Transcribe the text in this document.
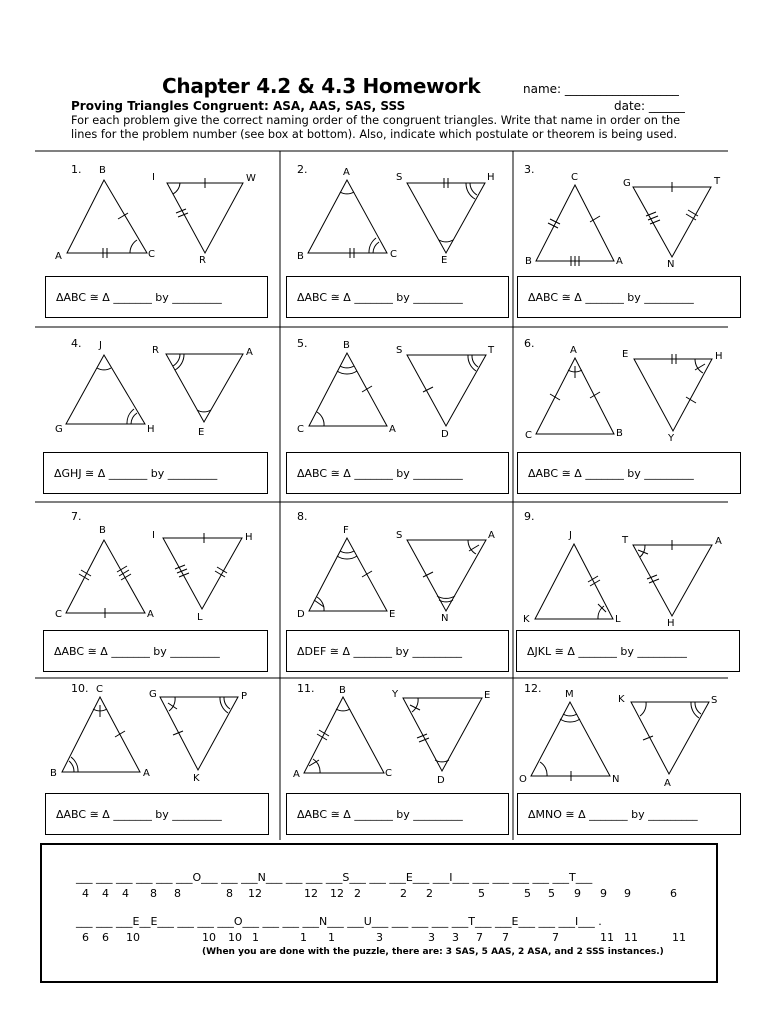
Chapter 4.2 & 4.3 Homework	name: ___________________
date: ______
Proving Triangles Congruent: ASA, AAS, SAS, SSS
For each problem give the correct naming order of the congruent triangles. Write that name in order on the lines for the problem number (see box at bottom). Also, indicate which postulate or theorem is being used.
1.	2.	3.
4.	5.	6.
7.	8.	9.
10.	11.	12.
B
A	C
I	W
R
A
B	C
S	H
E
C
B	A
G	T
N
J
G	H
R	A
E
B
C	A
S	T
D
A
C	B
E	H
Y
B
C	A
I	H
L
F
D	E
S	A
N
J
K	L
T	A
H
C
B	A
G	P
K
B
A	C
Y	E
D
M
O	N
K	S
A
ΔABC ≅ Δ _______ by _________	ΔABC ≅ Δ _______ by _________	ΔABC ≅ Δ _______ by _________
ΔGHJ ≅ Δ _______ by _________	ΔABC ≅ Δ _______ by _________	ΔABC ≅ Δ _______ by _________
ΔABC ≅ Δ _______ by _________	ΔDEF ≅ Δ _______ by _________	ΔJKL ≅ Δ _______ by _________
ΔABC ≅ Δ _______ by _________	ΔABC ≅ Δ _______ by _________	ΔMNO ≅ Δ _______ by _________
___ ___ ___ ___ ___ ___O___ ___ ___N___ ___ ___ ___S___ ___ ___E___ ___I___ ___ ___ ___ ___ ___T___
4 4 4 8 8	8 12	12 12 2	2 2	5	5 5 9 9 9	6
___ ___ ___E__E___ ___ ___ ___O___ ___ ___ ___N___ ___U___ ___ ___ ___ ___T___ ___E___ ___ ___I___ .
6 6 10	10 10 1	1 1	3	3 3 7 7	7	11 11	11
(When you are done with the puzzle, there are: 3 SAS, 5 AAS, 2 ASA, and 2 SSS instances.)
